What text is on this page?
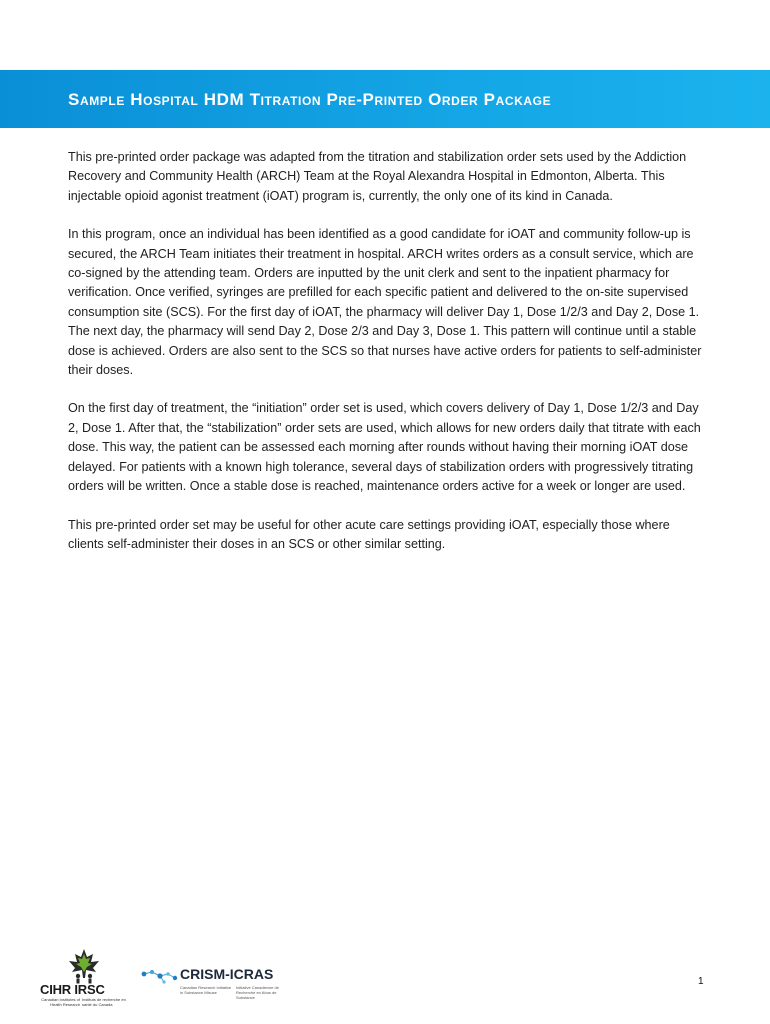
Sample Hospital HDM Titration Pre-Printed Order Package

This pre-printed order package was adapted from the titration and stabilization order sets used by the Addiction Recovery and Community Health (ARCH) Team at the Royal Alexandra Hospital in Edmonton, Alberta. This injectable opioid agonist treatment (iOAT) program is, currently, the only one of its kind in Canada.

In this program, once an individual has been identified as a good candidate for iOAT and community follow-up is secured, the ARCH Team initiates their treatment in hospital. ARCH writes orders as a consult service, which are co-signed by the attending team. Orders are inputted by the unit clerk and sent to the inpatient pharmacy for verification. Once verified, syringes are prefilled for each specific patient and delivered to the on-site supervised consumption site (SCS). For the first day of iOAT, the pharmacy will deliver Day 1, Dose 1/2/3 and Day 2, Dose 1. The next day, the pharmacy will send Day 2, Dose 2/3 and Day 3, Dose 1. This pattern will continue until a stable dose is achieved. Orders are also sent to the SCS so that nurses have active orders for patients to self-administer their doses.

On the first day of treatment, the “initiation” order set is used, which covers delivery of Day 1, Dose 1/2/3 and Day 2, Dose 1. After that, the “stabilization” order sets are used, which allows for new orders daily that titrate with each dose. This way, the patient can be assessed each morning after rounds without having their morning iOAT dose delayed. For patients with a known high tolerance, several days of stabilization orders with progressively titrating orders will be written. Once a stable dose is reached, maintenance orders active for a week or longer are used.

This pre-printed order set may be useful for other acute care settings providing iOAT, especially those where clients self-administer their doses in an SCS or other similar setting.

CIHR IRSC
Canadian Institutes of Health Research
Instituts de recherche en santé du Canada
CRISM-ICRAS
Canadian Research Initiative in Substance Misuse
Initiative Canadienne de Recherche en Abus de Substance
1
